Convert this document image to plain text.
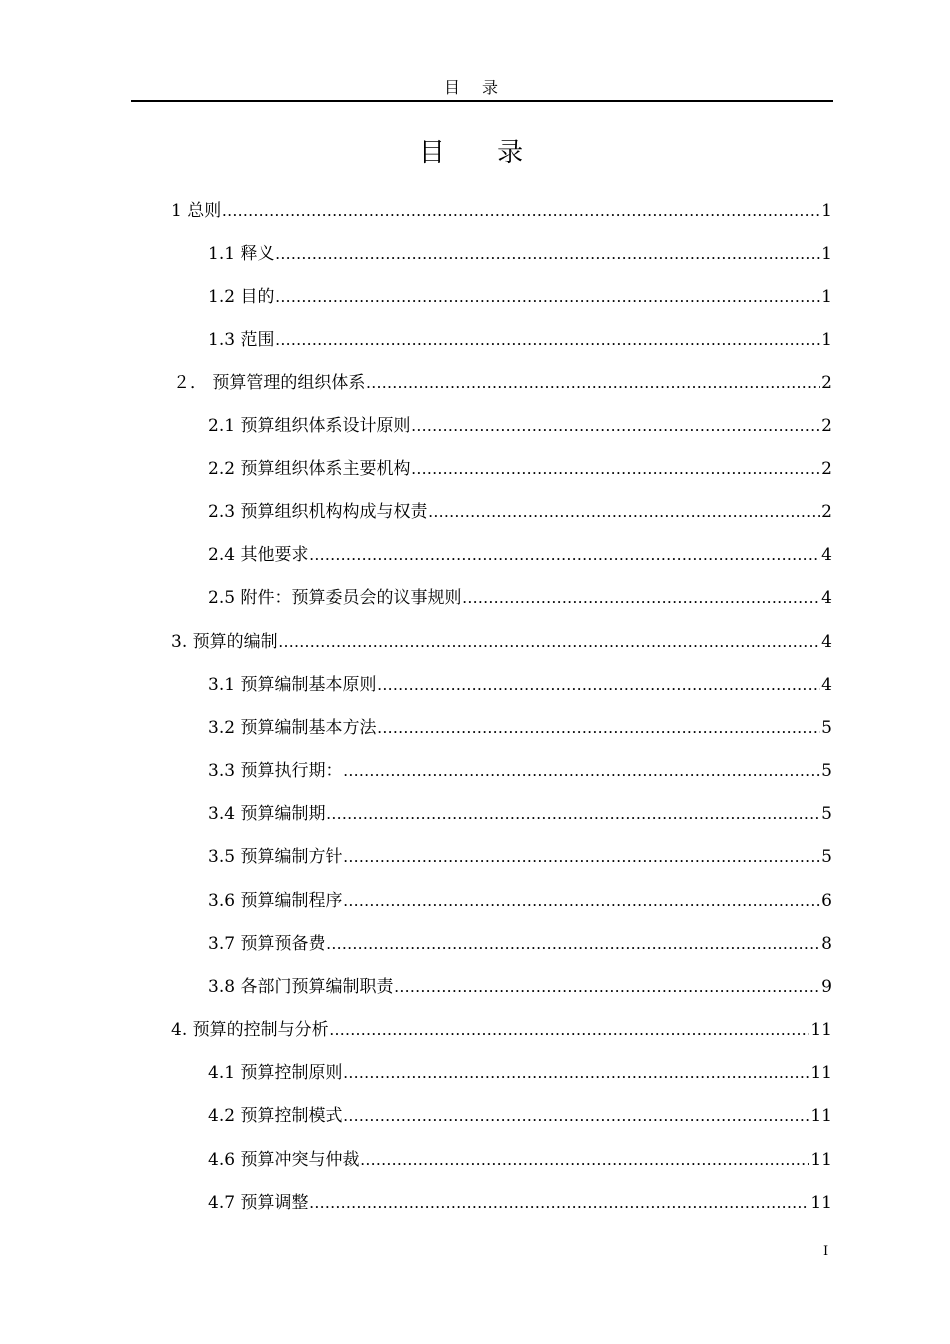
目录
目 录
1 总则 .....	1
1.1 释义 .....	1
1.2 目的 .....	1
1.3 范围 .....	1
２． 预算管理的组织体系 .....	2
2.1 预算组织体系设计原则 .....	2
2.2 预算组织体系主要机构 .....	2
2.3 预算组织机构构成与权责 .....	2
2.4 其他要求 .....	4
2.5 附件：预算委员会的议事规则 .....	4
3. 预算的编制 .....	4
3.1 预算编制基本原则 .....	4
3.2 预算编制基本方法 .....	5
3.3 预算执行期： .....	5
3.4 预算编制期 .....	5
3.5 预算编制方针 .....	5
3.6 预算编制程序 .....	6
3.7 预算预备费 .....	8
3.8 各部门预算编制职责 .....	9
4. 预算的控制与分析 .....	11
4.1 预算控制原则 .....	11
4.2 预算控制模式 .....	11
4.6 预算冲突与仲裁 .....	11
4.7 预算调整 .....	11
I
